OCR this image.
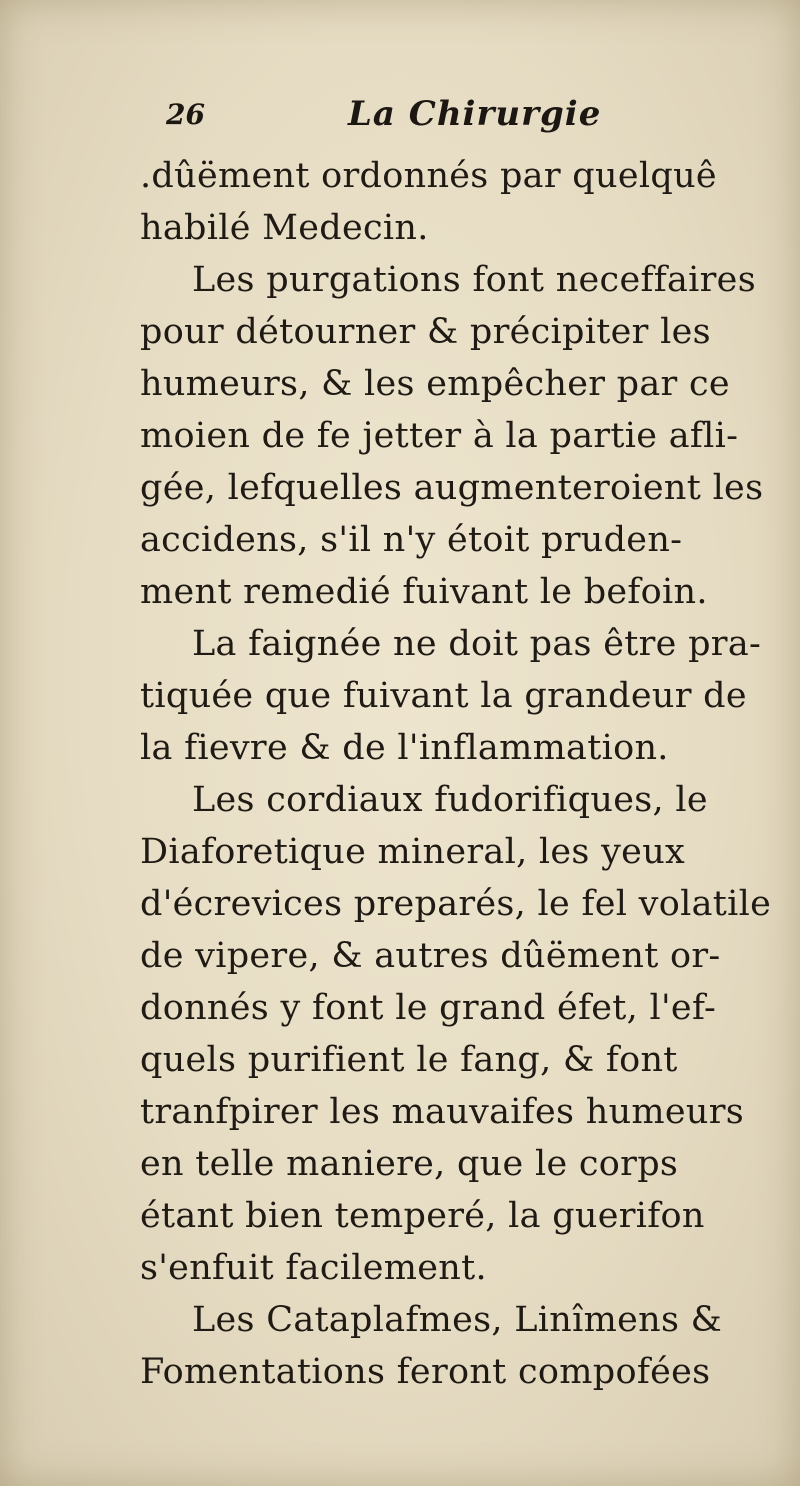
26	La Chirurgie
.dûëment ordonnés par quelquê
habilé Medecin.
Les purgations font neceffaires
pour détourner & précipiter les
humeurs, & les empêcher par ce
moien de fe jetter à la partie afli-
gée, lefquelles augmenteroient les
accidens, s'il n'y étoit pruden-
ment remedié fuivant le befoin.
La faignée ne doit pas être pra-
tiquée que fuivant la grandeur de
la fievre & de l'inflammation.
Les cordiaux fudorifiques, le
Diaforetique mineral, les yeux
d'écrevices preparés, le fel volatile
de vipere, & autres dûëment or-
donnés y font le grand éfet, l'ef-
quels purifient le fang, & font
tranfpirer les mauvaifes humeurs
en telle maniere, que le corps
étant bien temperé, la guerifon
s'enfuit facilement.
Les Cataplafmes, Linîmens &
Fomentations feront compofées
